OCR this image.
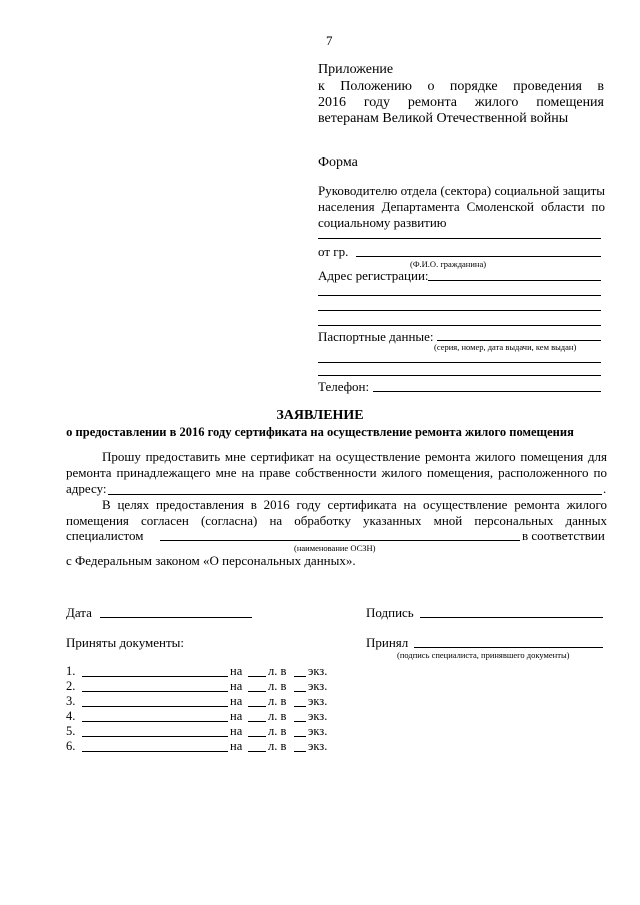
7
Приложение
к Положению о порядке проведения в
2016 году ремонта жилого помещения
ветеранам Великой Отечественной войны
Форма
Руководителю отдела (сектора) социальной защиты
населения Департамента Смоленской области по
социальному развитию
от гр.
(Ф.И.О. гражданина)
Адрес регистрации:
Паспортные данные:
(серия, номер, дата выдачи, кем выдан)
Телефон:
ЗАЯВЛЕНИЕ
о предоставлении в 2016 году сертификата на осуществление ремонта жилого помещения
Прошу предоставить мне сертификат на осуществление ремонта жилого помещения для
ремонта принадлежащего мне на праве собственности жилого помещения, расположенного по
адресу:	.
В целях предоставления в 2016 году сертификата на осуществление ремонта жилого
помещения согласен (согласна) на обработку указанных мной персональных данных
специалистом	в соответствии
(наименование ОСЗН)
с Федеральным законом «О персональных данных».
Дата	Подпись
Приняты документы:	Принял
(подпись специалиста, принявшего документы)
1.	на л. в экз.
2.	на л. в экз.
3.	на л. в экз.
4.	на л. в экз.
5.	на л. в экз.
6.	на л. в экз.
